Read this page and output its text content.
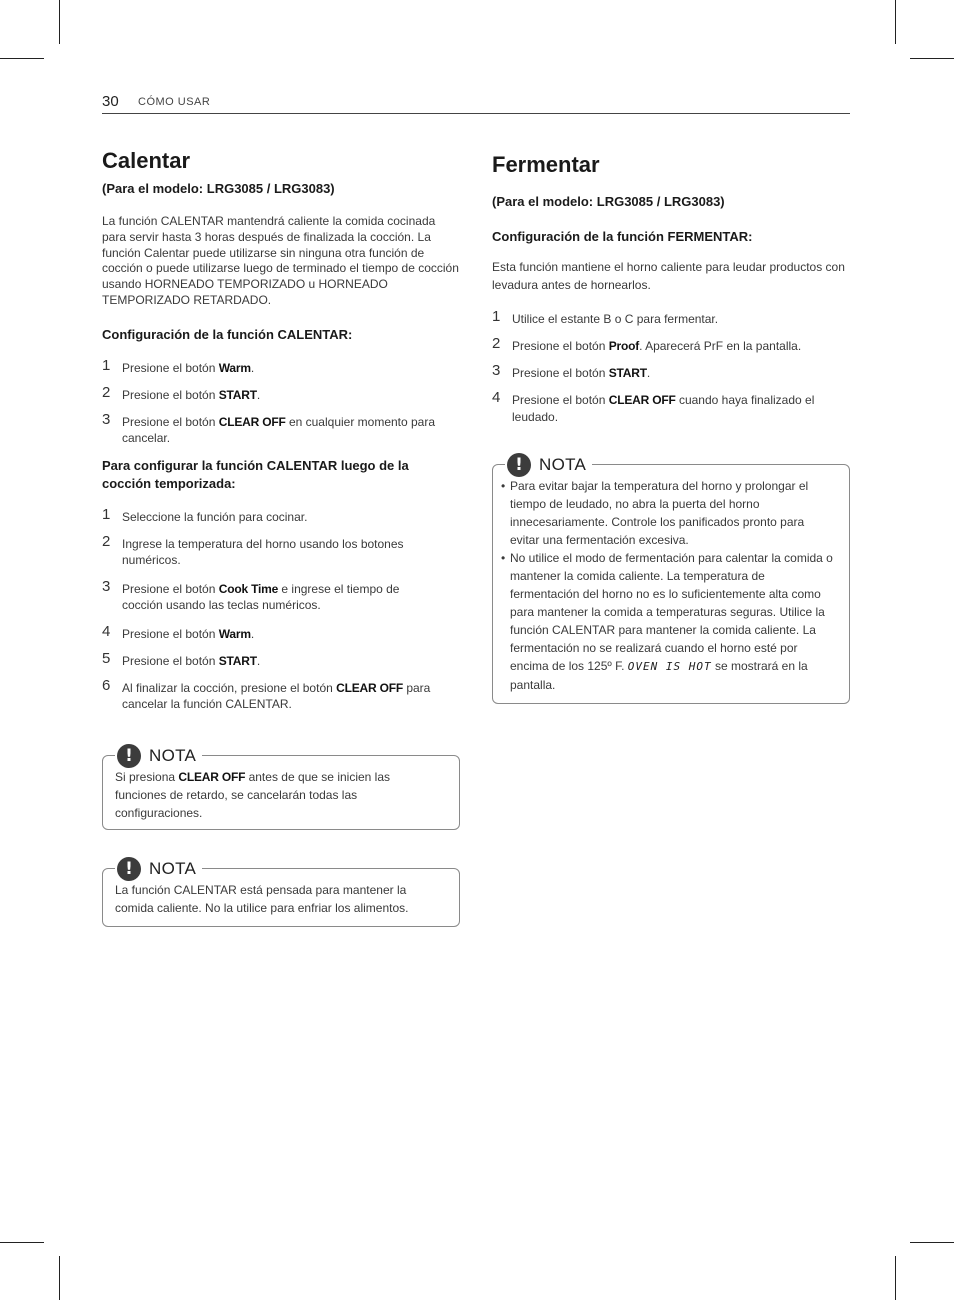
30 CÓMO USAR
Calentar
(Para el modelo: LRG3085 / LRG3083)
La función CALENTAR mantendrá caliente la comida cocinada para servir hasta 3 horas después de finalizada la cocción. La función Calentar puede utilizarse sin ninguna otra función de cocción o puede utilizarse luego de terminado el tiempo de cocción usando HORNEADO TEMPORIZADO u HORNEADO TEMPORIZADO RETARDADO.
Configuración de la función CALENTAR:
1 Presione el botón Warm.
2 Presione el botón START.
3 Presione el botón CLEAR OFF en cualquier momento para cancelar.
Para configurar la función CALENTAR luego de la cocción temporizada:
1 Seleccione la función para cocinar.
2 Ingrese la temperatura del horno usando los botones numéricos.
3 Presione el botón Cook Time e ingrese el tiempo de cocción usando las teclas numéricos.
4 Presione el botón Warm.
5 Presione el botón START.
6 Al finalizar la cocción, presione el botón CLEAR OFF para cancelar la función CALENTAR.
! NOTA
Si presiona CLEAR OFF antes de que se inicien las funciones de retardo, se cancelarán todas las configuraciones.
! NOTA
La función CALENTAR está pensada para mantener la comida caliente. No la utilice para enfriar los alimentos.
Fermentar
(Para el modelo: LRG3085 / LRG3083)
Configuración de la función FERMENTAR:
Esta función mantiene el horno caliente para leudar productos con levadura antes de hornearlos.
1 Utilice el estante B o C para fermentar.
2 Presione el botón Proof. Aparecerá PrF en la pantalla.
3 Presione el botón START.
4 Presione el botón CLEAR OFF cuando haya finalizado el leudado.
! NOTA
• Para evitar bajar la temperatura del horno y prolongar el tiempo de leudado, no abra la puerta del horno innecesariamente. Controle los panificados pronto para evitar una fermentación excesiva.
• No utilice el modo de fermentación para calentar la comida o mantener la comida caliente. La temperatura de fermentación del horno no es lo suficientemente alta como para mantener la comida a temperaturas seguras. Utilice la función CALENTAR para mantener la comida caliente. La fermentación no se realizará cuando el horno esté por encima de los 125º F. OVEN IS HOT se mostrará en la pantalla.
